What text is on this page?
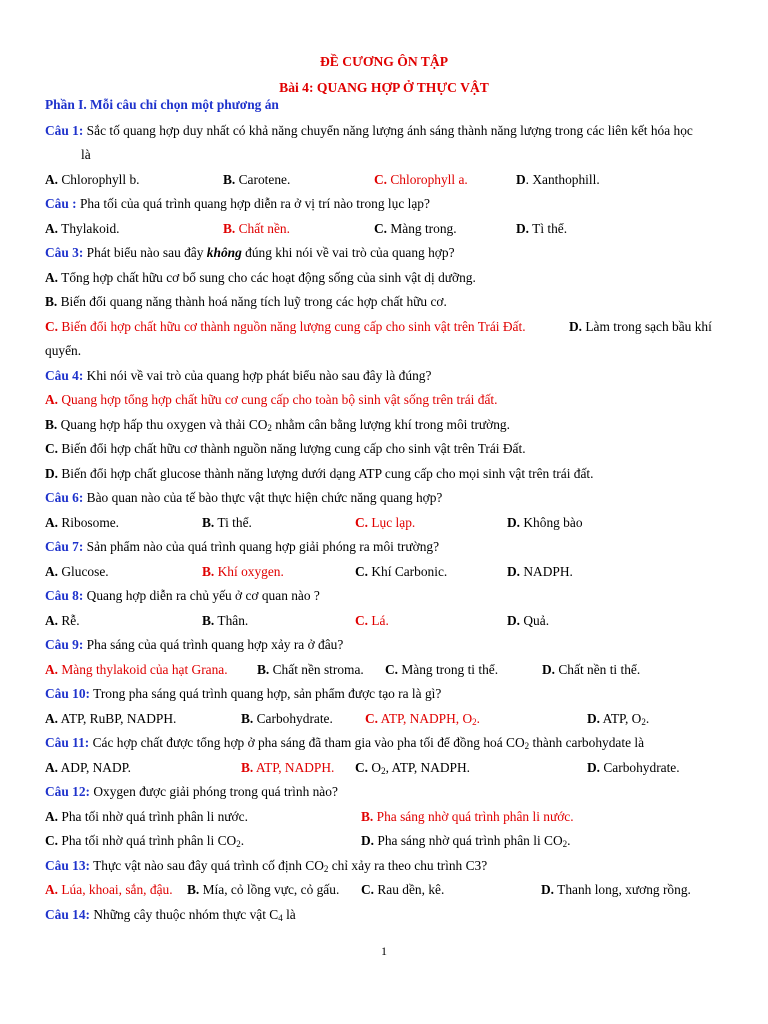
ĐỀ CƯƠNG ÔN TẬP
Bài 4: QUANG HỢP Ở THỰC VẬT
Phần I. Mỗi câu chỉ chọn một phương án
Câu 1: Sắc tố quang hợp duy nhất có khả năng chuyển năng lượng ánh sáng thành năng lượng trong các liên kết hóa học
là
A. Chlorophyll b.	B. Carotene.	C. Chlorophyll a.	D. Xanthophill.
Câu : Pha tối của quá trình quang hợp diễn ra ở vị trí nào trong lục lạp?
A. Thylakoid.	B. Chất nền.	C. Màng trong.	D. Tì thể.
Câu 3: Phát biểu nào sau đây không đúng khi nói về vai trò của quang hợp?
A. Tổng hợp chất hữu cơ bổ sung cho các hoạt động sống của sinh vật dị dưỡng.
B. Biến đổi quang năng thành hoá năng tích luỹ trong các hợp chất hữu cơ.
C. Biến đổi hợp chất hữu cơ thành nguồn năng lượng cung cấp cho sinh vật trên Trái Đất.	D. Làm trong sạch bầu khí
quyển.
Câu 4: Khi nói về vai trò của quang hợp phát biểu nào sau đây là đúng?
A. Quang hợp tổng hợp chất hữu cơ cung cấp cho toàn bộ sinh vật sống trên trái đất.
B. Quang hợp hấp thu oxygen và thải $CO_2$ nhằm cân bằng lượng khí trong môi trường.
C. Biến đổi hợp chất hữu cơ thành nguồn năng lượng cung cấp cho sinh vật trên Trái Đất.
D. Biến đổi hợp chất glucose thành năng lượng dưới dạng ATP cung cấp cho mọi sinh vật trên trái đất.
Câu 6: Bào quan nào của tế bào thực vật thực hiện chức năng quang hợp?
A. Ribosome.	B. Ti thể.	C. Lục lạp.	D. Không bào
Câu 7: Sản phẩm nào của quá trình quang hợp giải phóng ra môi trường?
A. Glucose.	B. Khí oxygen.	C. Khí Carbonic.	D. NADPH.
Câu 8: Quang hợp diễn ra chủ yếu ở cơ quan nào ?
A. Rễ.	B. Thân.	C. Lá.	D. Quả.
Câu 9: Pha sáng của quá trình quang hợp xảy ra ở đâu?
A. Màng thylakoid của hạt Grana. B. Chất nền stroma. C. Màng trong ti thể.	D. Chất nền ti thể.
Câu 10: Trong pha sáng quá trình quang hợp, sản phẩm được tạo ra là gì?
A. ATP, RuBP, NADPH.	B. Carbohydrate. C. ATP, NADPH, $O_2$.	D. ATP, $O_2$.
Câu 11: Các hợp chất được tổng hợp ở pha sáng đã tham gia vào pha tối để đồng hoá $CO_2$ thành carbohydate là
A. ADP, NADP.	B. ATP, NADPH. C. $O_2$, ATP, NADPH.	D. Carbohydrate.
Câu 12: Oxygen được giải phóng trong quá trình nào?
A. Pha tối nhờ quá trình phân li nước.	B. Pha sáng nhờ quá trình phân li nước.
C. Pha tối nhờ quá trình phân li $CO_2$.	D. Pha sáng nhờ quá trình phân li $CO_2$.
Câu 13: Thực vật nào sau đây quá trình cố định $CO_2$ chỉ xảy ra theo chu trình C3?
A. Lúa, khoai, sắn, đậu. B. Mía, cỏ lồng vực, cỏ gấu. C. Rau dền, kê.	D. Thanh long, xương rồng.
Câu 14: Những cây thuộc nhóm thực vật $C_4$ là
1
